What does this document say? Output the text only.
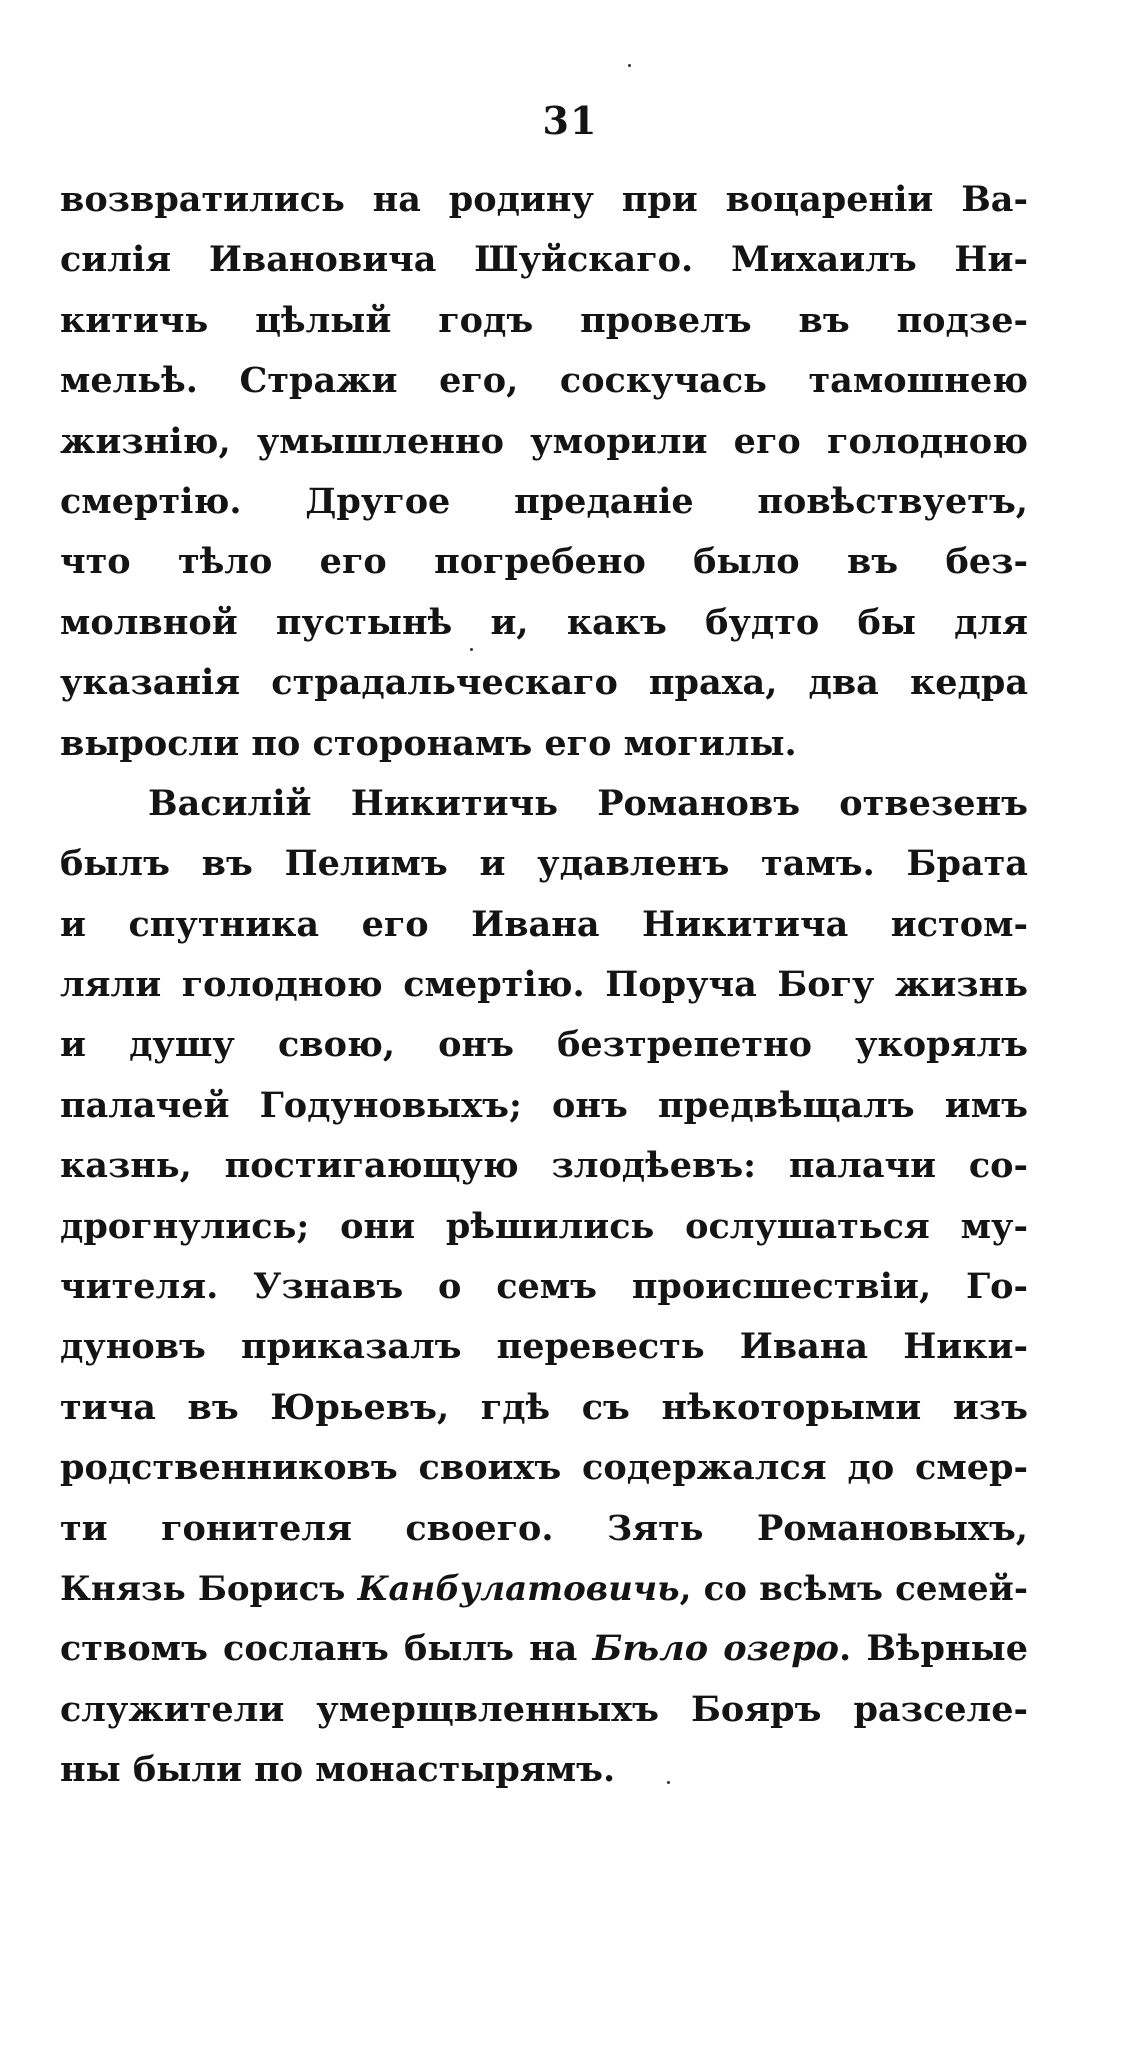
31
возвратились на родину при воцареніи Ва-
силія Ивановича Шуйскаго. Михаилъ Ни-
китичь цѣлый годъ провелъ въ подзе-
мельѣ. Стражи его, соскучась тамошнею
жизнію, умышленно уморили его голодною
смертію. Другое преданіе повѣствуетъ,
что тѣло его погребено было въ без-
молвной пустынѣ и, какъ будто бы для
указанія страдальческаго праха, два кедра
выросли по сторонамъ его могилы.
Василій Никитичь Романовъ отвезенъ
былъ въ Пелимъ и удавленъ тамъ. Брата
и спутника его Ивана Никитича истом-
ляли голодною смертію. Поруча Богу жизнь
и душу свою, онъ безтрепетно укорялъ
палачей Годуновыхъ; онъ предвѣщалъ имъ
казнь, постигающую злодѣевъ: палачи со-
дрогнулись; они рѣшились ослушаться му-
чителя. Узнавъ о семъ происшествіи, Го-
дуновъ приказалъ перевесть Ивана Ники-
тича въ Юрьевъ, гдѣ съ нѣкоторыми изъ
родственниковъ своихъ содержался до смер-
ти гонителя своего. Зять Романовыхъ,
Князь Борисъ Канбулатовичь, со всѣмъ семей-
ствомъ сосланъ былъ на Бѣло озеро. Вѣрные
служители умерщвленныхъ Бояръ разселе-
ны были по монастырямъ.
